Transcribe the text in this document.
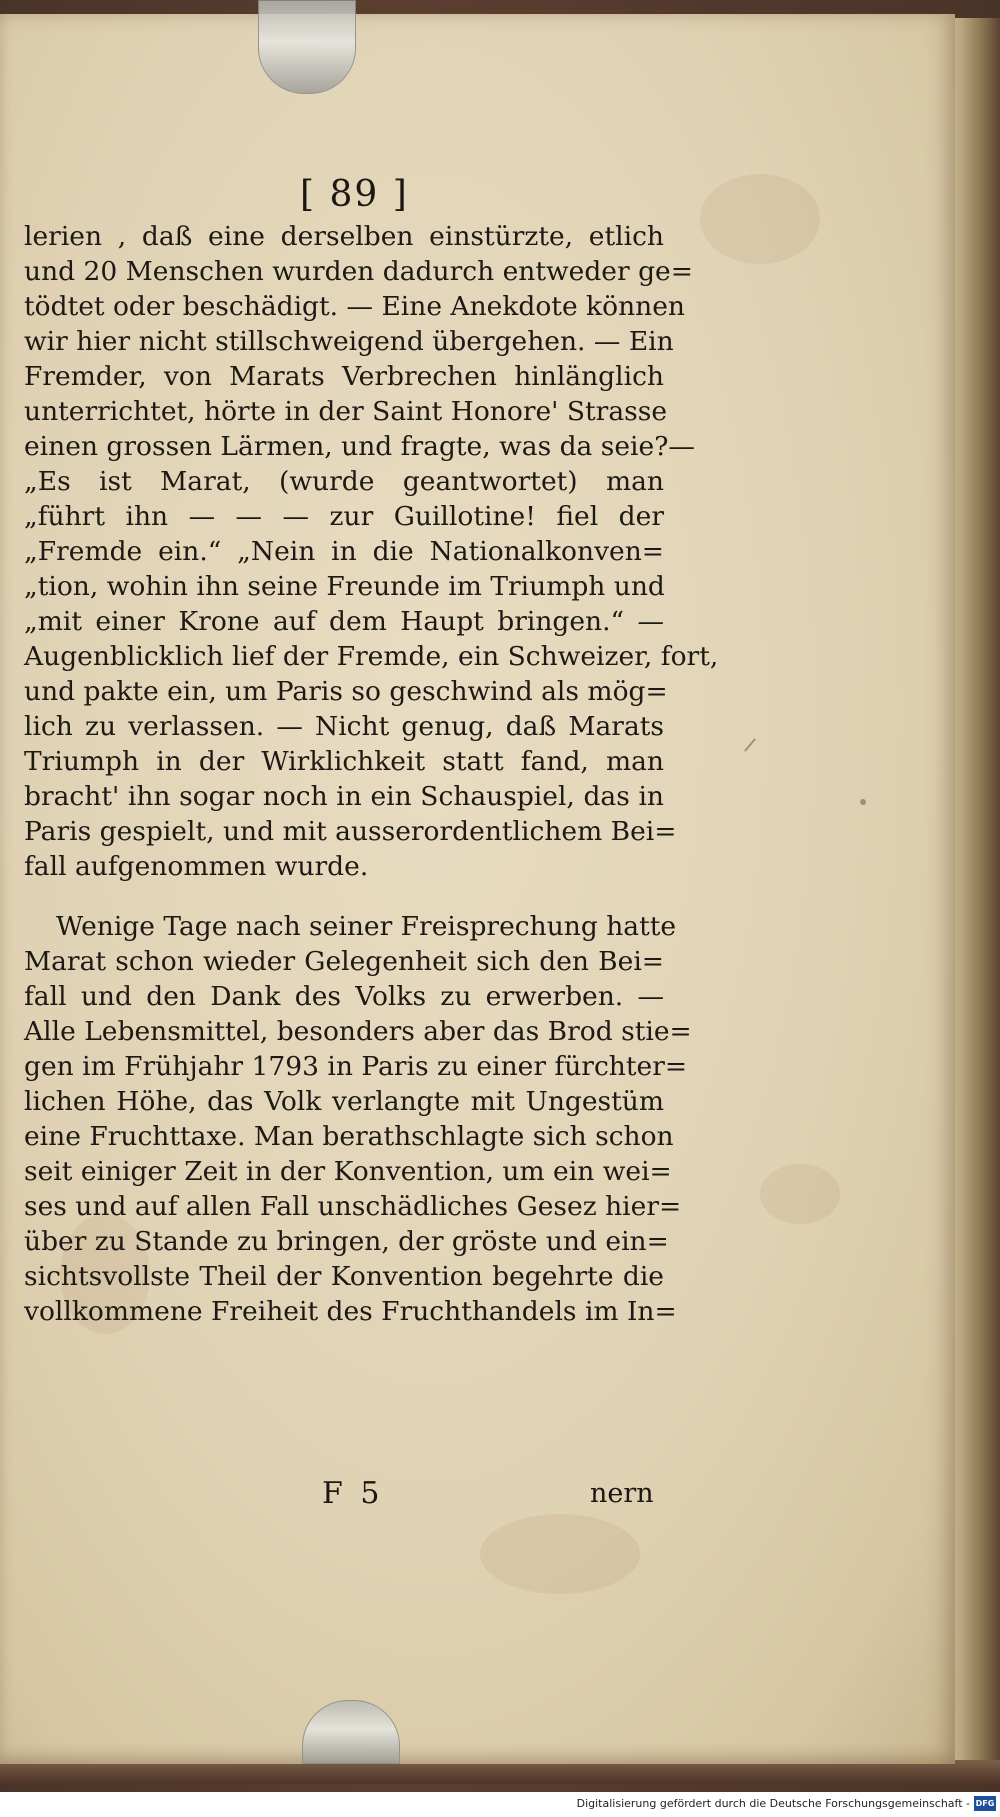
[ 89 ]
lerien , daß eine derselben einstürzte, etlich
und 20 Menschen wurden dadurch entweder ge=
tödtet oder beschädigt. — Eine Anekdote können
wir hier nicht stillschweigend übergehen. — Ein
Fremder, von Marats Verbrechen hinlänglich
unterrichtet, hörte in der Saint Honore' Strasse
einen grossen Lärmen, und fragte, was da seie?—
„Es ist Marat, (wurde geantwortet) man
„führt ihn — — — zur Guillotine! fiel der
„Fremde ein.“ „Nein in die Nationalkonven=
„tion, wohin ihn seine Freunde im Triumph und
„mit einer Krone auf dem Haupt bringen.“ —
Augenblicklich lief der Fremde, ein Schweizer, fort,
und pakte ein, um Paris so geschwind als mög=
lich zu verlassen. — Nicht genug, daß Marats
Triumph in der Wirklichkeit statt fand, man
bracht' ihn sogar noch in ein Schauspiel, das in
Paris gespielt, und mit ausserordentlichem Bei=
fall aufgenommen wurde.
Wenige Tage nach seiner Freisprechung hatte
Marat schon wieder Gelegenheit sich den Bei=
fall und den Dank des Volks zu erwerben. —
Alle Lebensmittel, besonders aber das Brod stie=
gen im Frühjahr 1793 in Paris zu einer fürchter=
lichen Höhe, das Volk verlangte mit Ungestüm
eine Fruchttaxe. Man berathschlagte sich schon
seit einiger Zeit in der Konvention, um ein wei=
ses und auf allen Fall unschädliches Gesez hier=
über zu Stande zu bringen, der gröste und ein=
sichtsvollste Theil der Konvention begehrte die
vollkommene Freiheit des Fruchthandels im In=
F 5	nern
Digitalisierung gefördert durch die Deutsche Forschungsgemeinschaft - DFG
